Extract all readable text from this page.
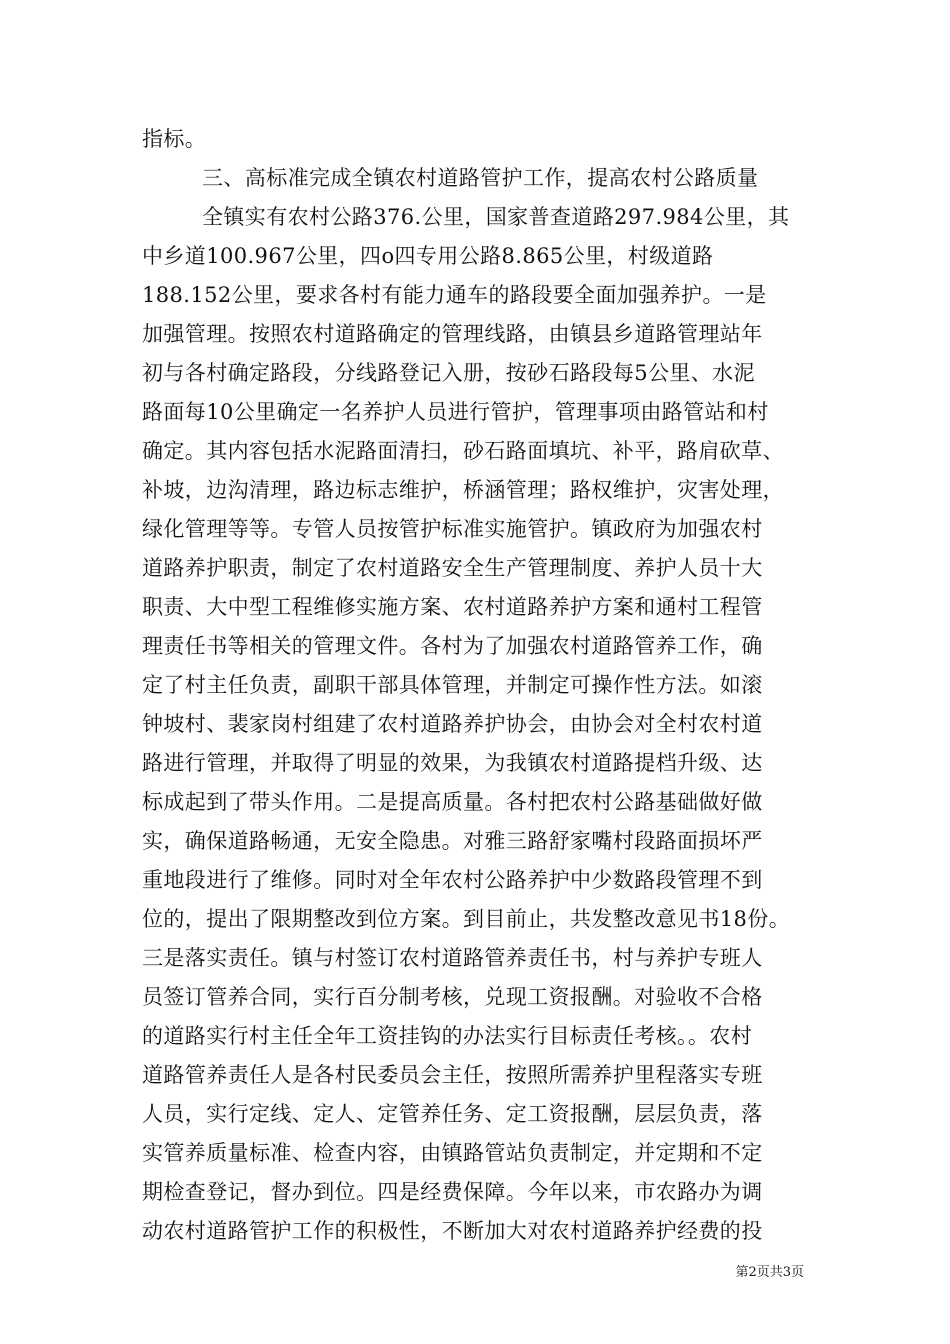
指标。
三、高标准完成全镇农村道路管护工作，提高农村公路质量
全镇实有农村公路376.公里，国家普查道路297.984公里，其
中乡道100.967公里，四o四专用公路8.865公里，村级道路
188.152公里，要求各村有能力通车的路段要全面加强养护。一是
加强管理。按照农村道路确定的管理线路，由镇县乡道路管理站年
初与各村确定路段，分线路登记入册，按砂石路段每5公里、水泥
路面每10公里确定一名养护人员进行管护，管理事项由路管站和村
确定。其内容包括水泥路面清扫，砂石路面填坑、补平，路肩砍草、
补坡，边沟清理，路边标志维护，桥涵管理；路权维护，灾害处理，
绿化管理等等。专管人员按管护标准实施管护。镇政府为加强农村
道路养护职责，制定了农村道路安全生产管理制度、养护人员十大
职责、大中型工程维修实施方案、农村道路养护方案和通村工程管
理责任书等相关的管理文件。各村为了加强农村道路管养工作，确
定了村主任负责，副职干部具体管理，并制定可操作性方法。如滚
钟坡村、裴家岗村组建了农村道路养护协会，由协会对全村农村道
路进行管理，并取得了明显的效果，为我镇农村道路提档升级、达
标成起到了带头作用。二是提高质量。各村把农村公路基础做好做
实，确保道路畅通，无安全隐患。对雅三路舒家嘴村段路面损坏严
重地段进行了维修。同时对全年农村公路养护中少数路段管理不到
位的，提出了限期整改到位方案。到目前止，共发整改意见书18份。
三是落实责任。镇与村签订农村道路管养责任书，村与养护专班人
员签订管养合同，实行百分制考核，兑现工资报酬。对验收不合格
的道路实行村主任全年工资挂钩的办法实行目标责任考核。。农村
道路管养责任人是各村民委员会主任，按照所需养护里程落实专班
人员，实行定线、定人、定管养任务、定工资报酬，层层负责，落
实管养质量标准、检查内容，由镇路管站负责制定，并定期和不定
期检查登记，督办到位。四是经费保障。今年以来，市农路办为调
动农村道路管护工作的积极性，不断加大对农村道路养护经费的投
第2页共3页
